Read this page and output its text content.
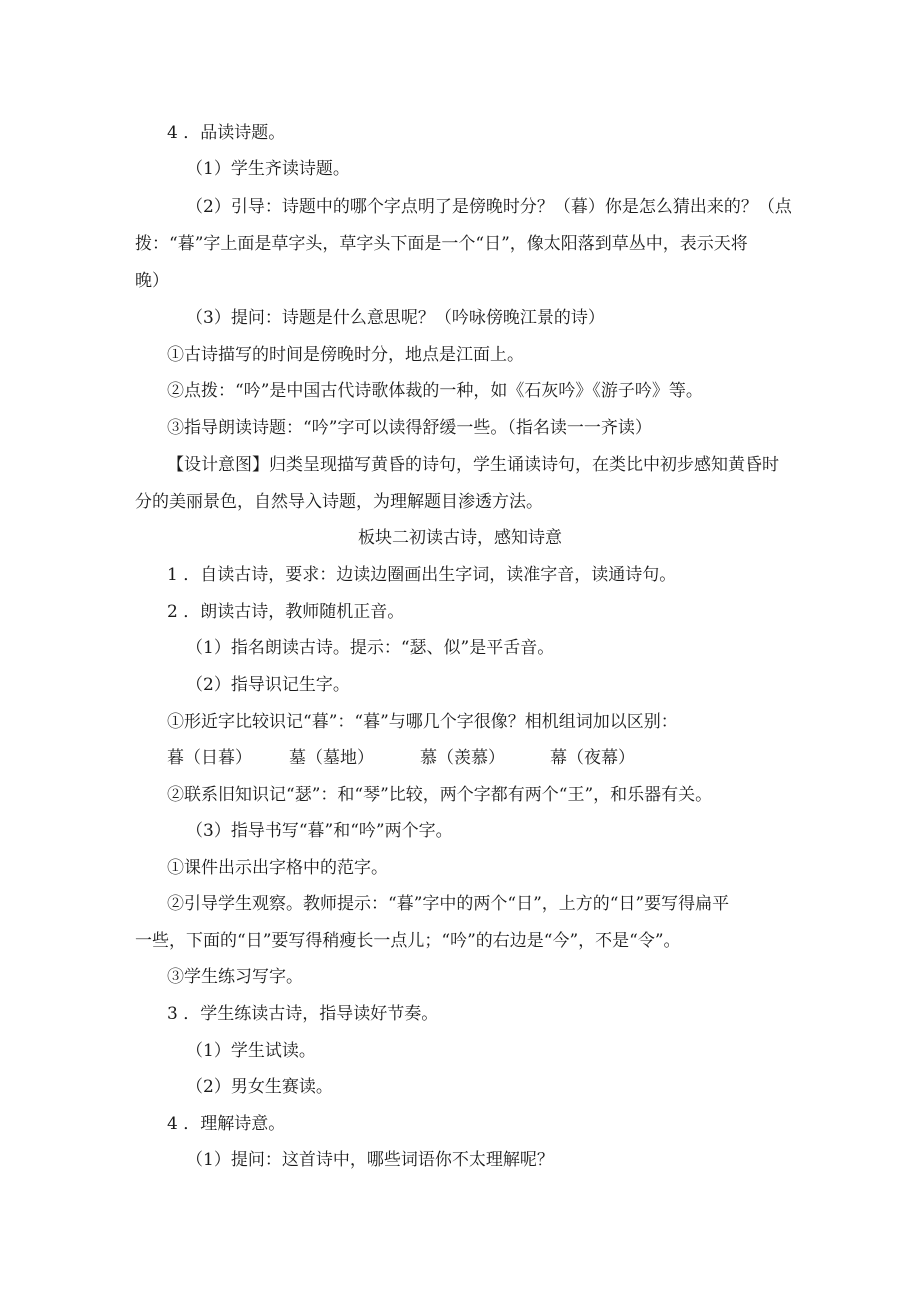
4 ．品读诗题。
（1）学生齐读诗题。
（2）引导：诗题中的哪个字点明了是傍晚时分？（暮）你是怎么猜出来的？（点
拨：“暮”字上面是草字头，草字头下面是一个“日”，像太阳落到草丛中，表示天将
晚）
（3）提问：诗题是什么意思呢？（吟咏傍晚江景的诗）
①古诗描写的时间是傍晚时分，地点是江面上。
②点拨：“吟”是中国古代诗歌体裁的一种，如《石灰吟》《游子吟》等。
③指导朗读诗题：“吟”字可以读得舒缓一些。（指名读一一齐读）
【设计意图】归类呈现描写黄昏的诗句，学生诵读诗句，在类比中初步感知黄昏时
分的美丽景色，自然导入诗题，为理解题目渗透方法。
板块二初读古诗，感知诗意
1 ．自读古诗，要求：边读边圈画出生字词，读准字音，读通诗句。
2 ．朗读古诗，教师随机正音。
（1）指名朗读古诗。提示：“瑟、似”是平舌音。
（2）指导识记生字。
①形近字比较识记“暮”：“暮”与哪几个字很像？相机组词加以区别：
暮（日暮） 墓（墓地）	慕（羡慕）	幕（夜幕）
②联系旧知识记“瑟”：和“琴”比较，两个字都有两个“王”，和乐器有关。
（3）指导书写“暮”和“吟”两个字。
①课件出示出字格中的范字。
②引导学生观察。教师提示：“暮”字中的两个“日”，上方的“日”要写得扁平
一些，下面的“日”要写得稍瘦长一点儿；“吟”的右边是“今”，不是“令”。
③学生练习写字。
3 ．学生练读古诗，指导读好节奏。
（1）学生试读。
（2）男女生赛读。
4 ．理解诗意。
（1）提问：这首诗中，哪些词语你不太理解呢？
